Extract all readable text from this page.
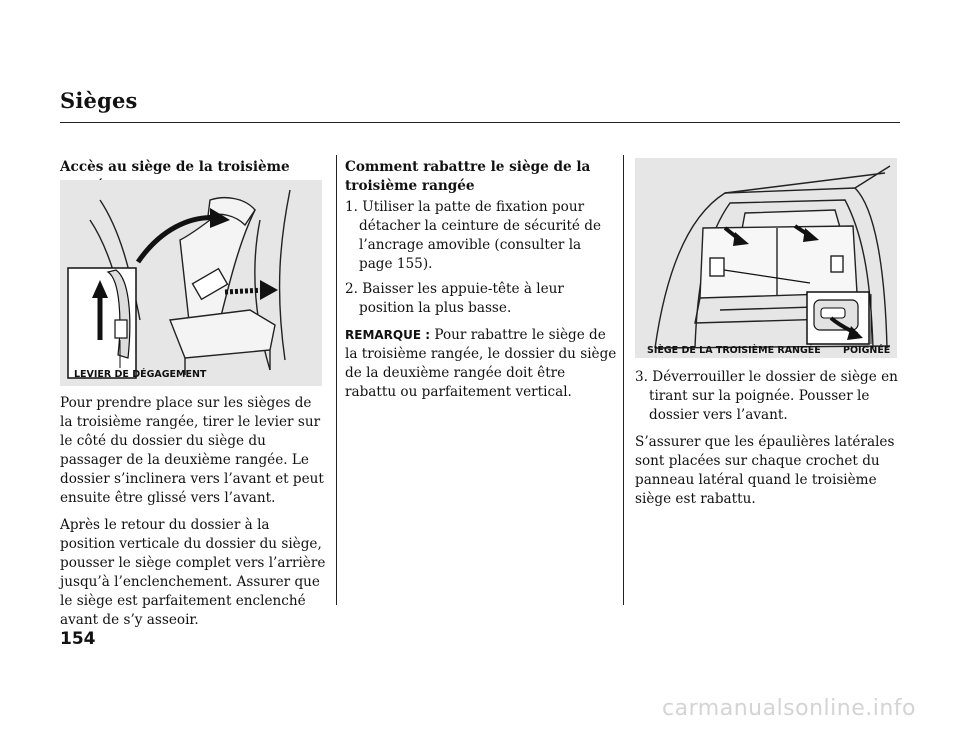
Sièges
Accès au siège de la troisième
LEVIER DE DÉGAGEMENT

Pour prendre place sur les sièges de la troisième rangée, tirer le levier sur le côté du dossier du siège du passager de la deuxième rangée. Le dossier s’inclinera vers l’avant et peut ensuite être glissé vers l’avant.

Après le retour du dossier à la position verticale du dossier du siège, pousser le siège complet vers l’arrière jusqu’à l’enclenchement. Assurer que le siège est parfaitement enclenché avant de s’y asseoir.

Comment rabattre le siège de la troisième rangée

1. Utiliser la patte de fixation pour détacher la ceinture de sécurité de l’ancrage amovible (consulter la page 155).

2. Baisser les appuie-tête à leur position la plus basse.

REMARQUE : Pour rabattre le siège de la troisième rangée, le dossier du siège de la deuxième rangée doit être rabattu ou parfaitement vertical.

SIÈGE DE LA TROISIÈME RANGÉE POIGNÉE

3. Déverrouiller le dossier de siège en tirant sur la poignée. Pousser le dossier vers l’avant.

S’assurer que les épaulières latérales sont placées sur chaque crochet du panneau latéral quand le troisième siège est rabattu.

154
carmanualsonline.info
